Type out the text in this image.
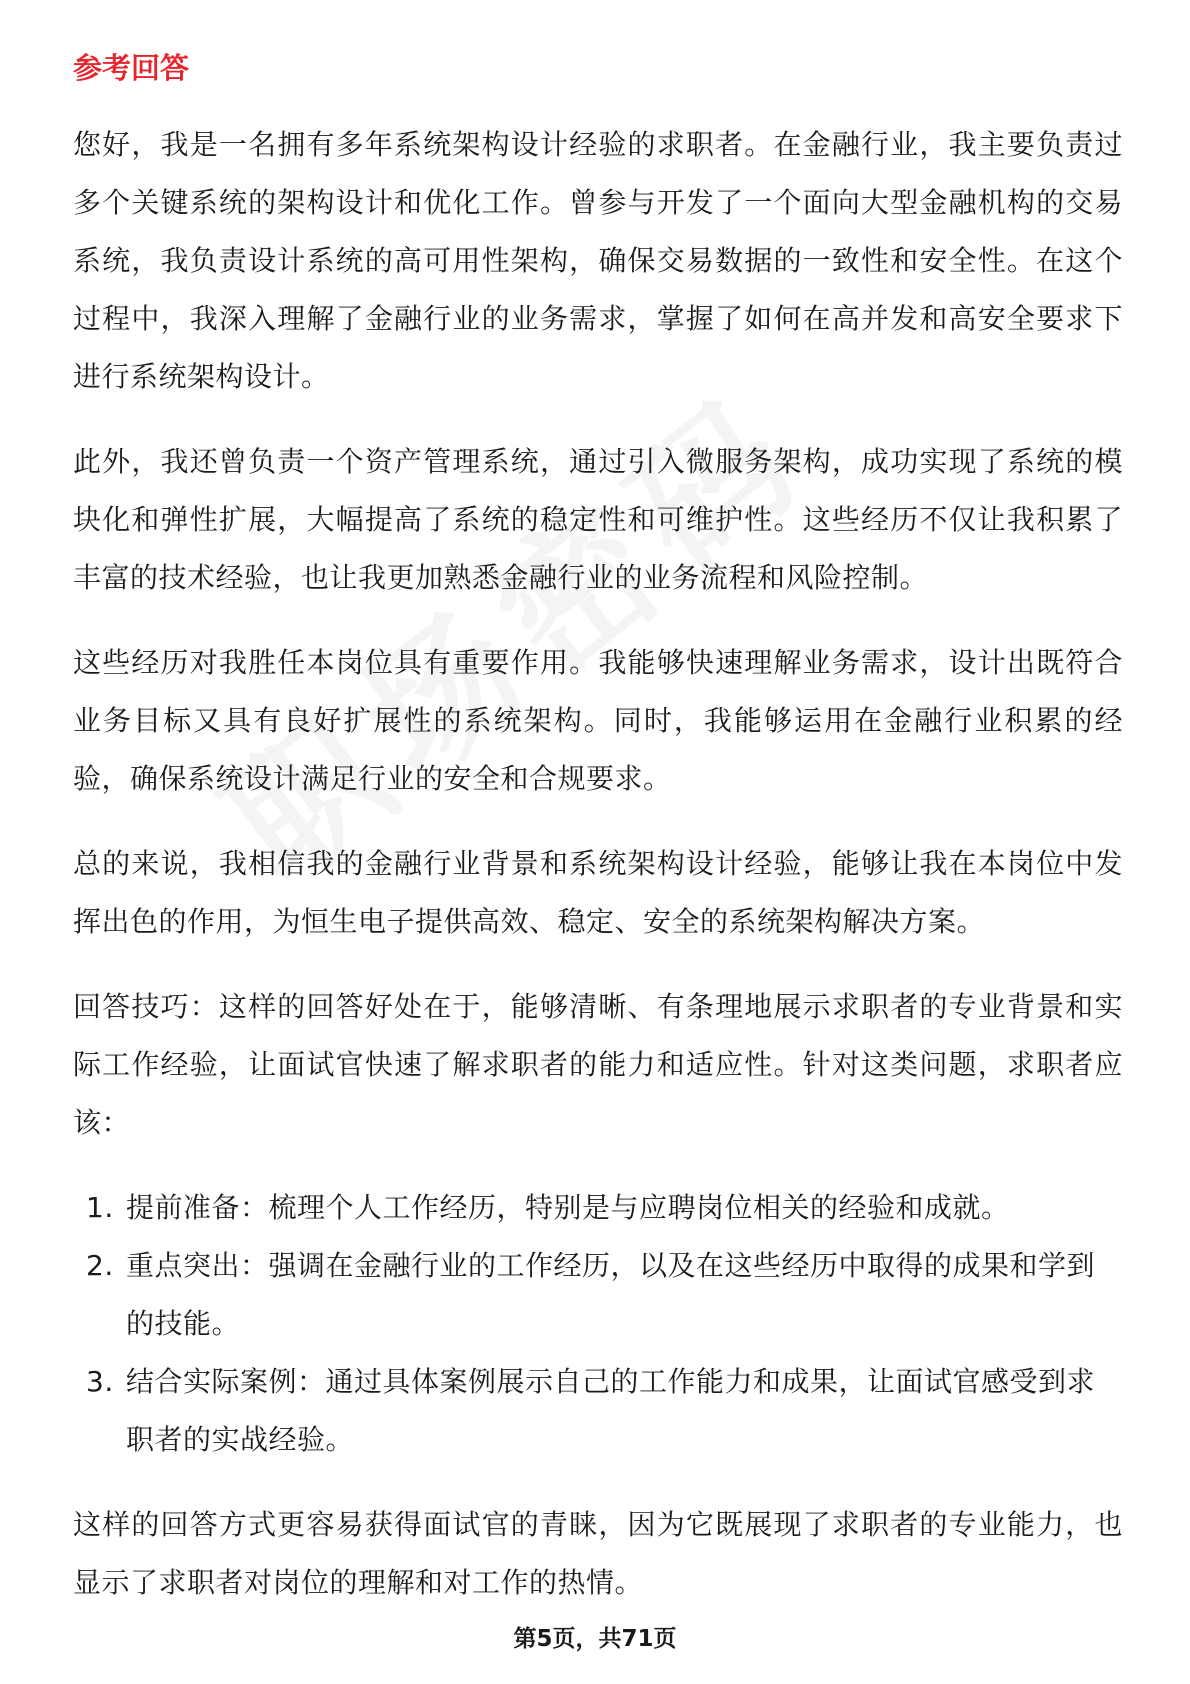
参考回答

您好，我是一名拥有多年系统架构设计经验的求职者。在金融行业，我主要负责过多个关键系统的架构设计和优化工作。曾参与开发了一个面向大型金融机构的交易系统，我负责设计系统的高可用性架构，确保交易数据的一致性和安全性。在这个过程中，我深入理解了金融行业的业务需求，掌握了如何在高并发和高安全要求下进行系统架构设计。

此外，我还曾负责一个资产管理系统，通过引入微服务架构，成功实现了系统的模块化和弹性扩展，大幅提高了系统的稳定性和可维护性。这些经历不仅让我积累了丰富的技术经验，也让我更加熟悉金融行业的业务流程和风险控制。

这些经历对我胜任本岗位具有重要作用。我能够快速理解业务需求，设计出既符合业务目标又具有良好扩展性的系统架构。同时，我能够运用在金融行业积累的经验，确保系统设计满足行业的安全和合规要求。

总的来说，我相信我的金融行业背景和系统架构设计经验，能够让我在本岗位中发挥出色的作用，为恒生电子提供高效、稳定、安全的系统架构解决方案。

回答技巧：这样的回答好处在于，能够清晰、有条理地展示求职者的专业背景和实际工作经验，让面试官快速了解求职者的能力和适应性。针对这类问题，求职者应该：

1. 提前准备：梳理个人工作经历，特别是与应聘岗位相关的经验和成就。
2. 重点突出：强调在金融行业的工作经历，以及在这些经历中取得的成果和学到的技能。
3. 结合实际案例：通过具体案例展示自己的工作能力和成果，让面试官感受到求职者的实战经验。

这样的回答方式更容易获得面试官的青睐，因为它既展现了求职者的专业能力，也显示了求职者对岗位的理解和对工作的热情。

第5页，共71页
